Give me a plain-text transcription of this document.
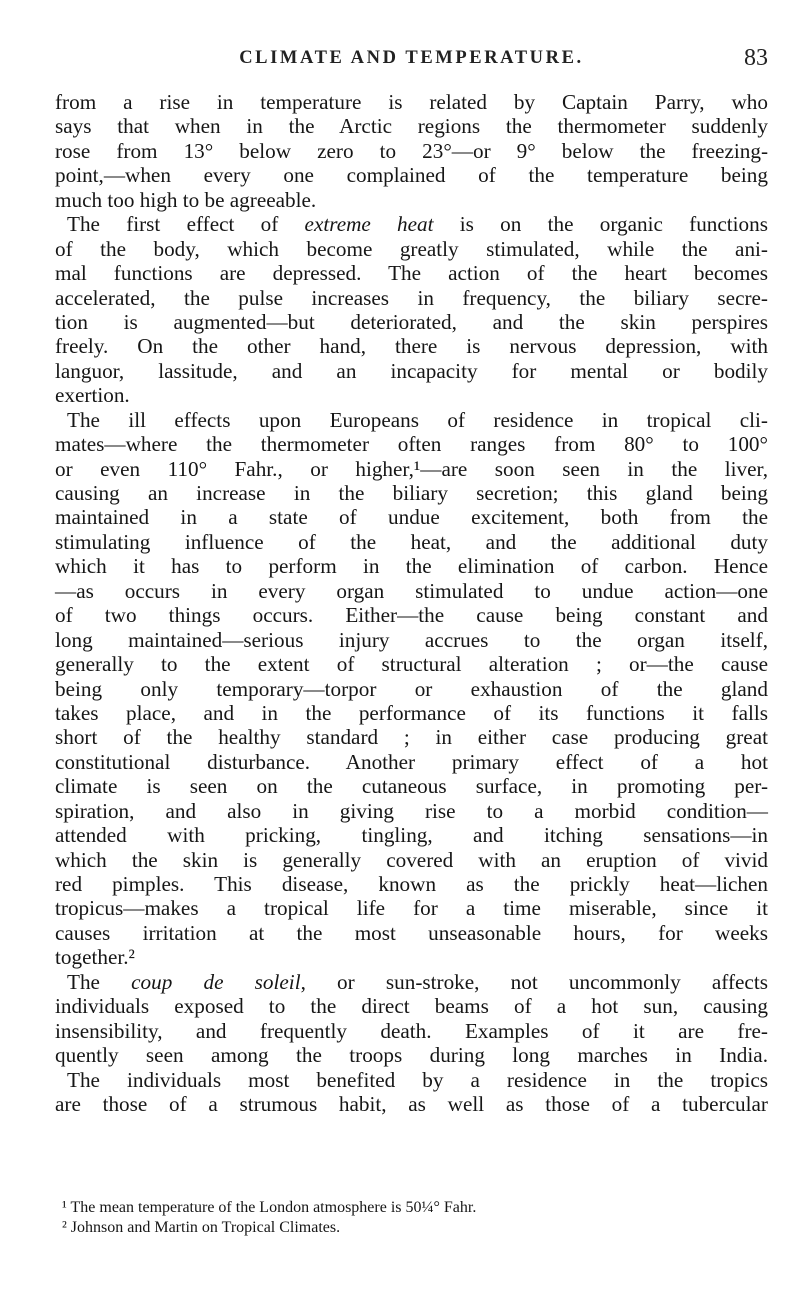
CLIMATE AND TEMPERATURE.	83
from a rise in temperature is related by Captain Parry, who
says that when in the Arctic regions the thermometer suddenly
rose from 13° below zero to 23°—or 9° below the freezing-
point,—when every one complained of the temperature being
much too high to be agreeable.
The first effect of extreme heat is on the organic functions
of the body, which become greatly stimulated, while the ani-
mal functions are depressed. The action of the heart becomes
accelerated, the pulse increases in frequency, the biliary secre-
tion is augmented—but deteriorated, and the skin perspires
freely. On the other hand, there is nervous depression, with
languor, lassitude, and an incapacity for mental or bodily
exertion.
The ill effects upon Europeans of residence in tropical cli-
mates—where the thermometer often ranges from 80° to 100°
or even 110° Fahr., or higher,¹—are soon seen in the liver,
causing an increase in the biliary secretion; this gland being
maintained in a state of undue excitement, both from the
stimulating influence of the heat, and the additional duty
which it has to perform in the elimination of carbon. Hence
—as occurs in every organ stimulated to undue action—one
of two things occurs. Either—the cause being constant and
long maintained—serious injury accrues to the organ itself,
generally to the extent of structural alteration ; or—the cause
being only temporary—torpor or exhaustion of the gland
takes place, and in the performance of its functions it falls
short of the healthy standard ; in either case producing great
constitutional disturbance. Another primary effect of a hot
climate is seen on the cutaneous surface, in promoting per-
spiration, and also in giving rise to a morbid condition—
attended with pricking, tingling, and itching sensations—in
which the skin is generally covered with an eruption of vivid
red pimples. This disease, known as the prickly heat—lichen
tropicus—makes a tropical life for a time miserable, since it
causes irritation at the most unseasonable hours, for weeks
together.²
The coup de soleil, or sun-stroke, not uncommonly affects
individuals exposed to the direct beams of a hot sun, causing
insensibility, and frequently death. Examples of it are fre-
quently seen among the troops during long marches in India.
The individuals most benefited by a residence in the tropics
are those of a strumous habit, as well as those of a tubercular
¹ The mean temperature of the London atmosphere is 50¼° Fahr.
² Johnson and Martin on Tropical Climates.
